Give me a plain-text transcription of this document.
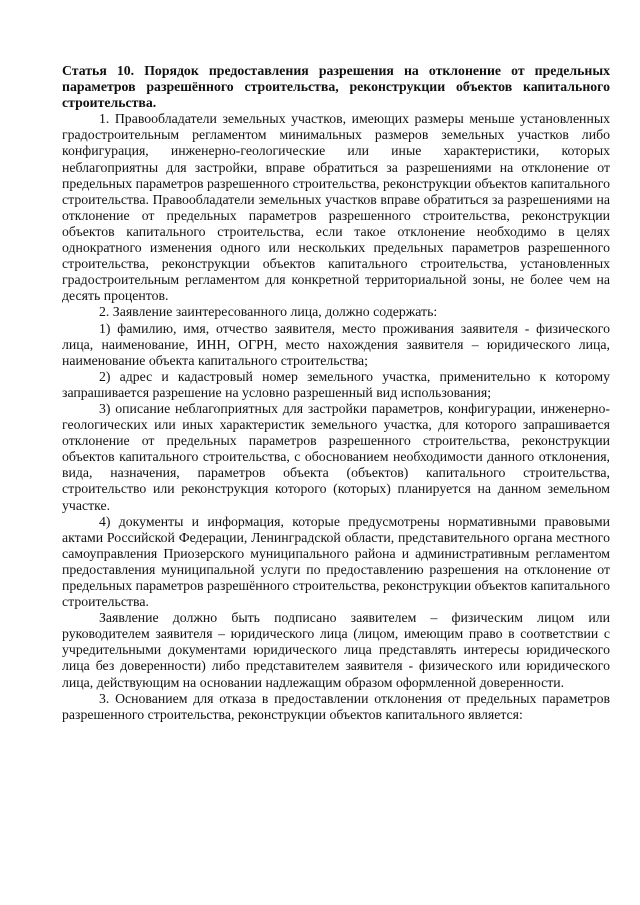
Статья 10. Порядок предоставления разрешения на отклонение от предельных параметров разрешённого строительства, реконструкции объектов капитального строительства.

1. Правообладатели земельных участков, имеющих размеры меньше установленных градостроительным регламентом минимальных размеров земельных участков либо конфигурация, инженерно-геологические или иные характеристики, которых неблагоприятны для застройки, вправе обратиться за разрешениями на отклонение от предельных параметров разрешенного строительства, реконструкции объектов капитального строительства. Правообладатели земельных участков вправе обратиться за разрешениями на отклонение от предельных параметров разрешенного строительства, реконструкции объектов капитального строительства, если такое отклонение необходимо в целях однократного изменения одного или нескольких предельных параметров разрешенного строительства, реконструкции объектов капитального строительства, установленных градостроительным регламентом для конкретной территориальной зоны, не более чем на десять процентов.

2. Заявление заинтересованного лица, должно содержать:

1) фамилию, имя, отчество заявителя, место проживания заявителя - физического лица, наименование, ИНН, ОГРН, место нахождения заявителя – юридического лица, наименование объекта капитального строительства;

2) адрес и кадастровый номер земельного участка, применительно к которому запрашивается разрешение на условно разрешенный вид использования;

3) описание неблагоприятных для застройки параметров, конфигурации, инженерно-геологических или иных характеристик земельного участка, для которого запрашивается отклонение от предельных параметров разрешенного строительства, реконструкции объектов капитального строительства, с обоснованием необходимости данного отклонения, вида, назначения, параметров объекта (объектов) капитального строительства, строительство или реконструкция которого (которых) планируется на данном земельном участке.

4) документы и информация, которые предусмотрены нормативными правовыми актами Российской Федерации, Ленинградской области, представительного органа местного самоуправления Приозерского муниципального района и административным регламентом предоставления муниципальной услуги по предоставлению разрешения на отклонение от предельных параметров разрешённого строительства, реконструкции объектов капитального строительства.

Заявление должно быть подписано заявителем – физическим лицом или руководителем заявителя – юридического лица (лицом, имеющим право в соответствии с учредительными документами юридического лица представлять интересы юридического лица без доверенности) либо представителем заявителя - физического или юридического лица, действующим на основании надлежащим образом оформленной доверенности.

3. Основанием для отказа в предоставлении отклонения от предельных параметров разрешенного строительства, реконструкции объектов капитального является:
